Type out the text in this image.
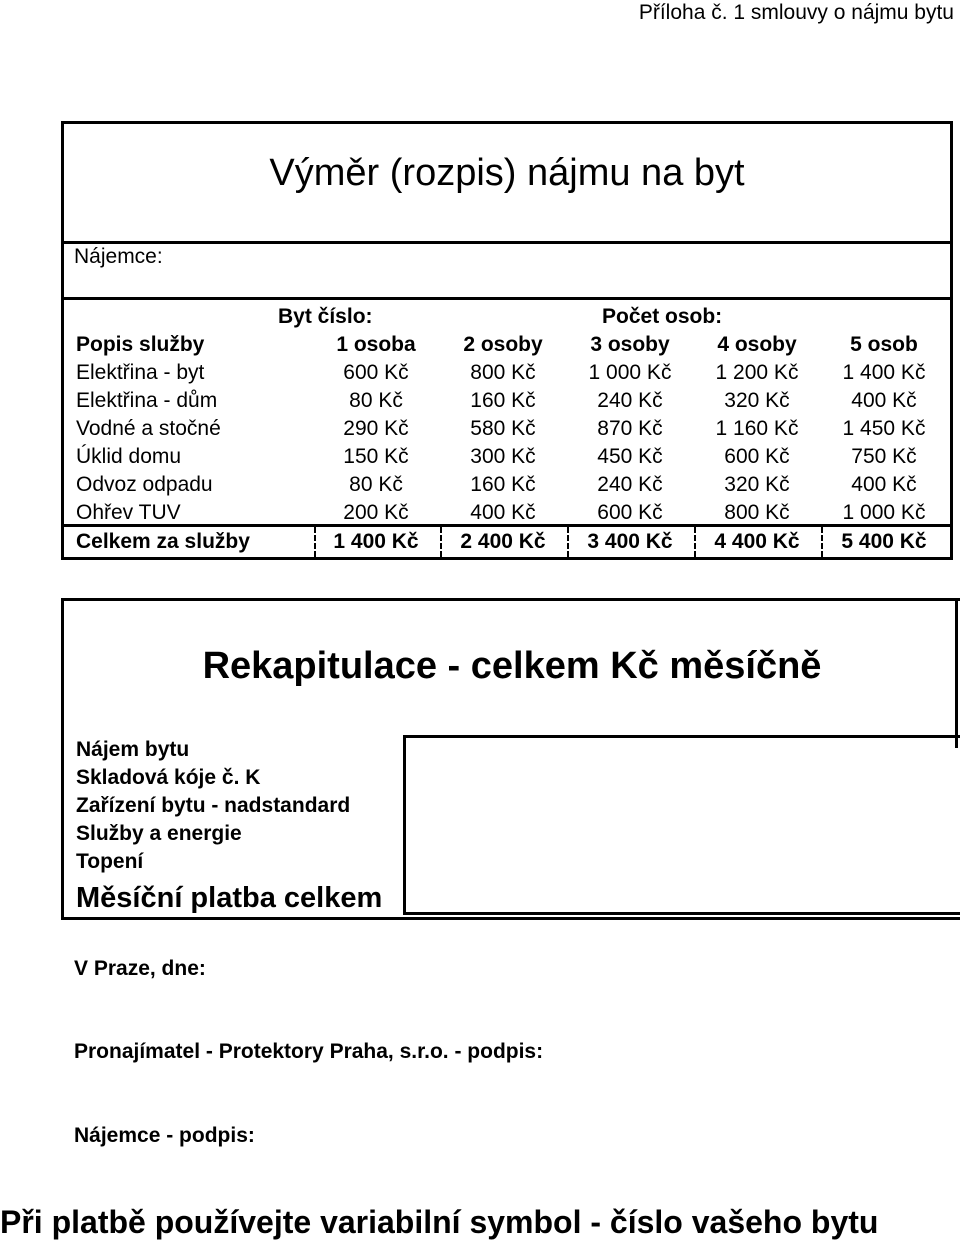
Příloha č. 1 smlouvy o nájmu bytu
Výměr (rozpis) nájmu na byt
Nájemce:
Byt číslo:	Počet osob:
Popis služby	1 osoba	2 osoby	3 osoby	4 osoby	5 osob
Elektřina - byt	600 Kč	800 Kč	1 000 Kč	1 200 Kč	1 400 Kč
Elektřina - dům	80 Kč	160 Kč	240 Kč	320 Kč	400 Kč
Vodné a stočné	290 Kč	580 Kč	870 Kč	1 160 Kč	1 450 Kč
Úklid domu	150 Kč	300 Kč	450 Kč	600 Kč	750 Kč
Odvoz odpadu	80 Kč	160 Kč	240 Kč	320 Kč	400 Kč
Ohřev TUV	200 Kč	400 Kč	600 Kč	800 Kč	1 000 Kč
Celkem za služby	1 400 Kč	2 400 Kč	3 400 Kč	4 400 Kč	5 400 Kč
Rekapitulace - celkem Kč měsíčně
Nájem bytu
Skladová kóje č. K
Zařízení bytu - nadstandard
Služby a energie
Topení
Měsíční platba celkem
V Praze, dne:
Pronajímatel - Protektory Praha, s.r.o. - podpis:
Nájemce - podpis:
Při platbě používejte variabilní symbol - číslo vašeho bytu
